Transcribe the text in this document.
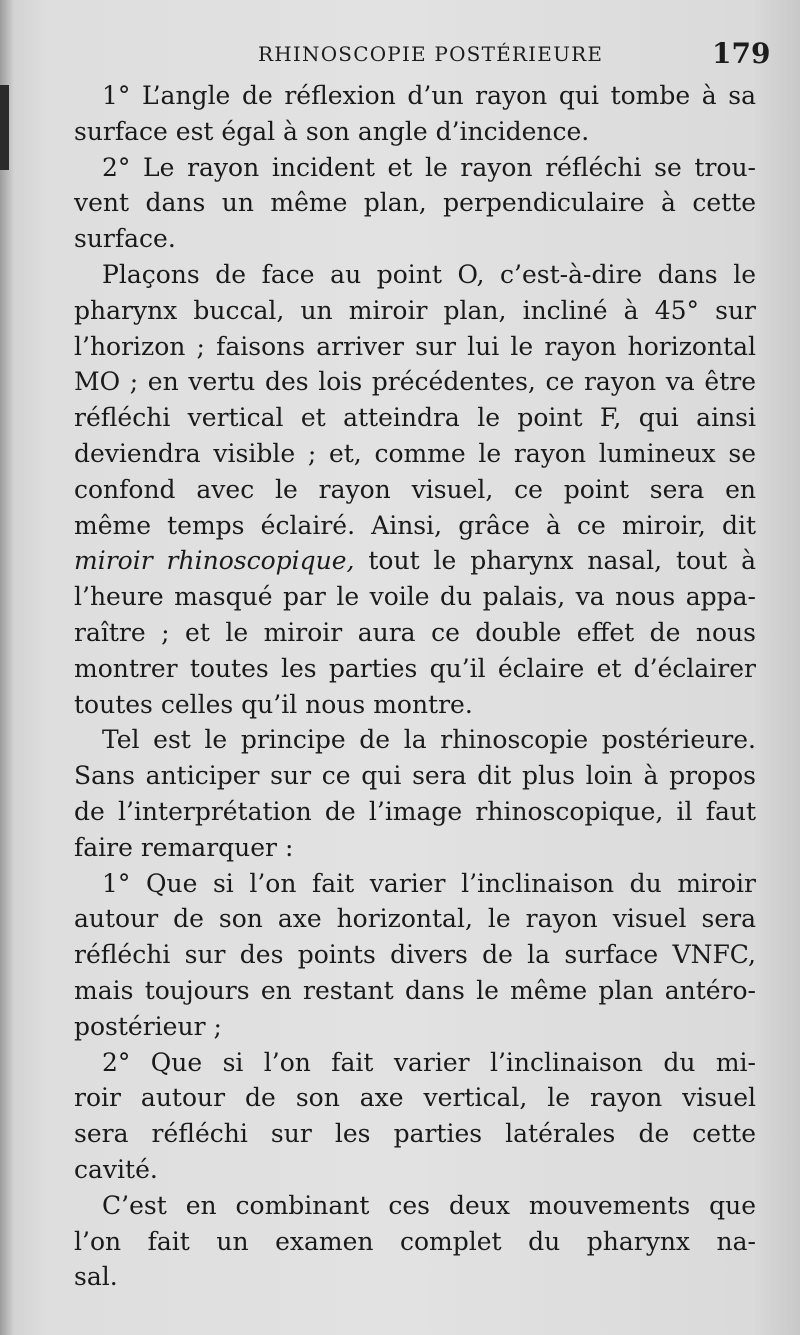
RHINOSCOPIE POSTÉRIEURE	179
1° L’angle de réflexion d’un rayon qui tombe à sa
surface est égal à son angle d’incidence.
2° Le rayon incident et le rayon réfléchi se trou-
vent dans un même plan, perpendiculaire à cette
surface.
Plaçons de face au point O, c’est-à-dire dans le
pharynx buccal, un miroir plan, incliné à 45° sur
l’horizon ; faisons arriver sur lui le rayon horizontal
MO ; en vertu des lois précédentes, ce rayon va être
réfléchi vertical et atteindra le point F, qui ainsi
deviendra visible ; et, comme le rayon lumineux se
confond avec le rayon visuel, ce point sera en
même temps éclairé. Ainsi, grâce à ce miroir, dit
miroir rhinoscopique, tout le pharynx nasal, tout à
l’heure masqué par le voile du palais, va nous appa-
raître ; et le miroir aura ce double effet de nous
montrer toutes les parties qu’il éclaire et d’éclairer
toutes celles qu’il nous montre.
Tel est le principe de la rhinoscopie postérieure.
Sans anticiper sur ce qui sera dit plus loin à propos
de l’interprétation de l’image rhinoscopique, il faut
faire remarquer :
1° Que si l’on fait varier l’inclinaison du miroir
autour de son axe horizontal, le rayon visuel sera
réfléchi sur des points divers de la surface VNFC,
mais toujours en restant dans le même plan antéro-
postérieur ;
2° Que si l’on fait varier l’inclinaison du mi-
roir autour de son axe vertical, le rayon visuel
sera réfléchi sur les parties latérales de cette
cavité.
C’est en combinant ces deux mouvements que
l’on fait un examen complet du pharynx na-
sal.
